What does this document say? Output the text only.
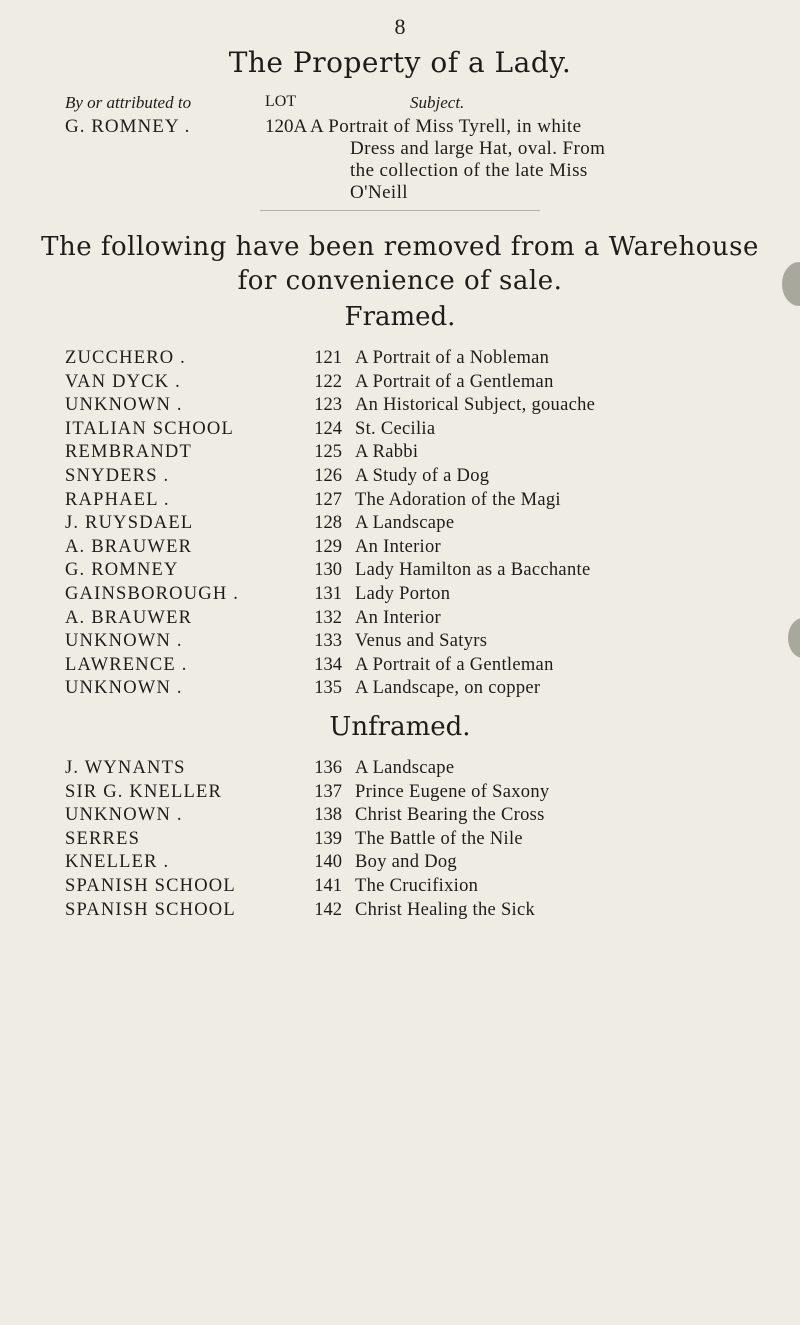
8
The Property of a Lady.
By or attributed to	LOT	Subject.
G. ROMNEY .	120A A Portrait of Miss Tyrell, in white
Dress and large Hat, oval. From
the collection of the late Miss
O'Neill
The following have been removed from a Warehouse
for convenience of sale.
Framed.
ZUCCHERO .	121 A Portrait of a Nobleman
VAN DYCK .	122 A Portrait of a Gentleman
UNKNOWN .	123 An Historical Subject, gouache
ITALIAN SCHOOL	124 St. Cecilia
REMBRANDT	125 A Rabbi
SNYDERS .	126 A Study of a Dog
RAPHAEL .	127 The Adoration of the Magi
J. RUYSDAEL	128 A Landscape
A. BRAUWER	129 An Interior
G. ROMNEY	130 Lady Hamilton as a Bacchante
GAINSBOROUGH .	131 Lady Porton
A. BRAUWER	132 An Interior
UNKNOWN .	133 Venus and Satyrs
LAWRENCE .	134 A Portrait of a Gentleman
UNKNOWN .	135 A Landscape, on copper
Unframed.
J. WYNANTS	136 A Landscape
SIR G. KNELLER	137 Prince Eugene of Saxony
UNKNOWN .	138 Christ Bearing the Cross
SERRES	139 The Battle of the Nile
KNELLER .	140 Boy and Dog
SPANISH SCHOOL	141 The Crucifixion
SPANISH SCHOOL	142 Christ Healing the Sick
